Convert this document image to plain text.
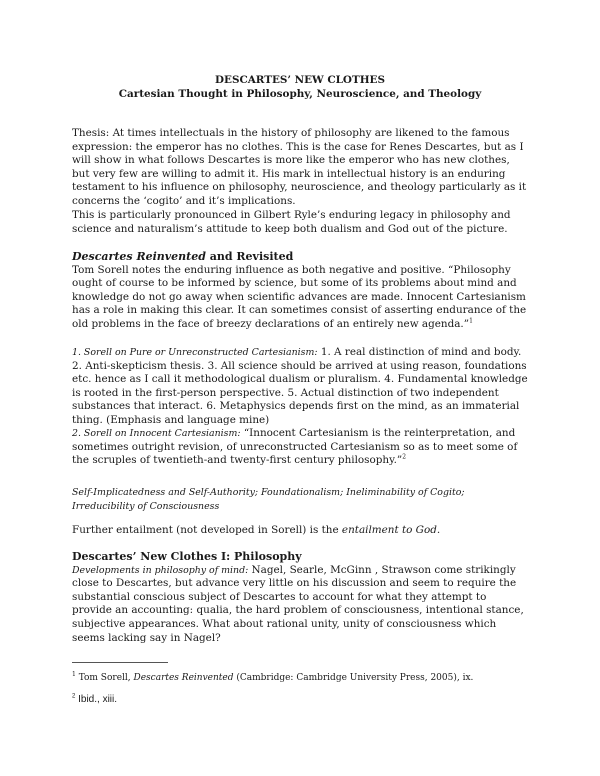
DESCARTES’ NEW CLOTHES
Cartesian Thought in Philosophy, Neuroscience, and Theology
Thesis: At times intellectuals in the history of philosophy are likened to the famous expression: the emperor has no clothes. This is the case for Renes Descartes, but as I will show in what follows Descartes is more like the emperor who has new clothes, but very few are willing to admit it. His mark in intellectual history is an enduring testament to his influence on philosophy, neuroscience, and theology particularly as it concerns the ‘cogito’ and it’s implications.
This is particularly pronounced in Gilbert Ryle’s enduring legacy in philosophy and science and naturalism’s attitude to keep both dualism and God out of the picture.
Descartes Reinvented and Revisited
Tom Sorell notes the enduring influence as both negative and positive. “Philosophy ought of course to be informed by science, but some of its problems about mind and knowledge do not go away when scientific advances are made. Innocent Cartesianism has a role in making this clear. It can sometimes consist of asserting endurance of the old problems in the face of breezy declarations of an entirely new agenda.”$^1$
1. Sorell on Pure or Unreconstructed Cartesianism: 1. A real distinction of mind and body. 2. Anti-skepticism thesis. 3. All science should be arrived at using reason, foundations etc. hence as I call it methodological dualism or pluralism. 4. Fundamental knowledge is rooted in the first-person perspective. 5. Actual distinction of two independent substances that interact. 6. Metaphysics depends first on the mind, as an immaterial thing. (Emphasis and language mine)
2. Sorell on Innocent Cartesianism: “Innocent Cartesianism is the reinterpretation, and sometimes outright revision, of unreconstructed Cartesianism so as to meet some of the scruples of twentieth-and twenty-first century philosophy.”$^2$
Self-Implicatedness and Self-Authority; Foundationalism; Ineliminability of Cogito; Irreducibility of Consciousness
Further entailment (not developed in Sorell) is the entailment to God.
Descartes’ New Clothes I: Philosophy
Developments in philosophy of mind: Nagel, Searle, McGinn , Strawson come strikingly close to Descartes, but advance very little on his discussion and seem to require the substantial conscious subject of Descartes to account for what they attempt to provide an accounting: qualia, the hard problem of consciousness, intentional stance, subjective appearances. What about rational unity, unity of consciousness which seems lacking say in Nagel?
$^1$ Tom Sorell, Descartes Reinvented (Cambridge: Cambridge University Press, 2005), ix.
$^2$ Ibid., xiii.
